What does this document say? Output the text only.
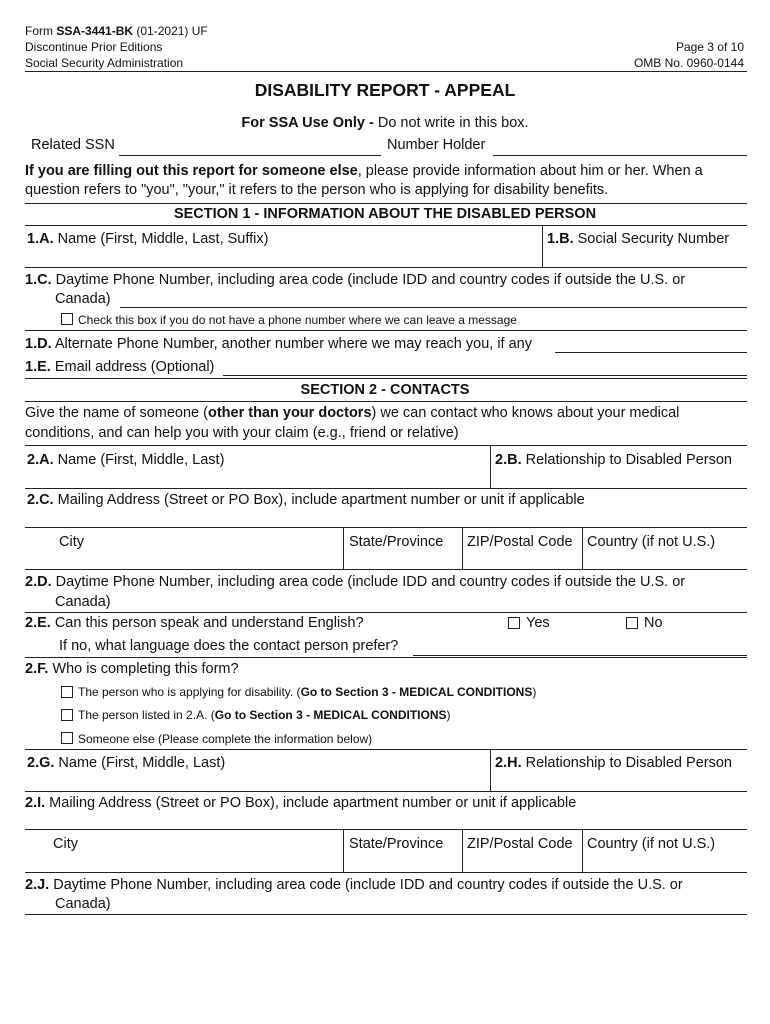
Form SSA-3441-BK (01-2021) UF
Discontinue Prior Editions
Social Security Administration
Page 3 of 10
OMB No. 0960-0144
DISABILITY REPORT - APPEAL
For SSA Use Only - Do not write in this box.
Related SSN	Number Holder
If you are filling out this report for someone else, please provide information about him or her. When a
question refers to "you", "your," it refers to the person who is applying for disability benefits.
SECTION 1 - INFORMATION ABOUT THE DISABLED PERSON
1.A. Name (First, Middle, Last, Suffix)	1.B. Social Security Number
1.C. Daytime Phone Number, including area code (include IDD and country codes if outside the U.S. or
Canada)
Check this box if you do not have a phone number where we can leave a message
1.D. Alternate Phone Number, another number where we may reach you, if any
1.E. Email address (Optional)
SECTION 2 - CONTACTS
Give the name of someone (other than your doctors) we can contact who knows about your medical
conditions, and can help you with your claim (e.g., friend or relative)
2.A. Name (First, Middle, Last)	2.B. Relationship to Disabled Person
2.C. Mailing Address (Street or PO Box), include apartment number or unit if applicable
City	State/Province ZIP/Postal Code Country (if not U.S.)
2.D. Daytime Phone Number, including area code (include IDD and country codes if outside the U.S. or
Canada)
2.E. Can this person speak and understand English?	Yes	No
If no, what language does the contact person prefer?
2.F. Who is completing this form?
The person who is applying for disability. (Go to Section 3 - MEDICAL CONDITIONS)
The person listed in 2.A. (Go to Section 3 - MEDICAL CONDITIONS)
Someone else (Please complete the information below)
2.G. Name (First, Middle, Last)	2.H. Relationship to Disabled Person
2.I. Mailing Address (Street or PO Box), include apartment number or unit if applicable
City	State/Province ZIP/Postal Code Country (if not U.S.)
2.J. Daytime Phone Number, including area code (include IDD and country codes if outside the U.S. or
Canada)
